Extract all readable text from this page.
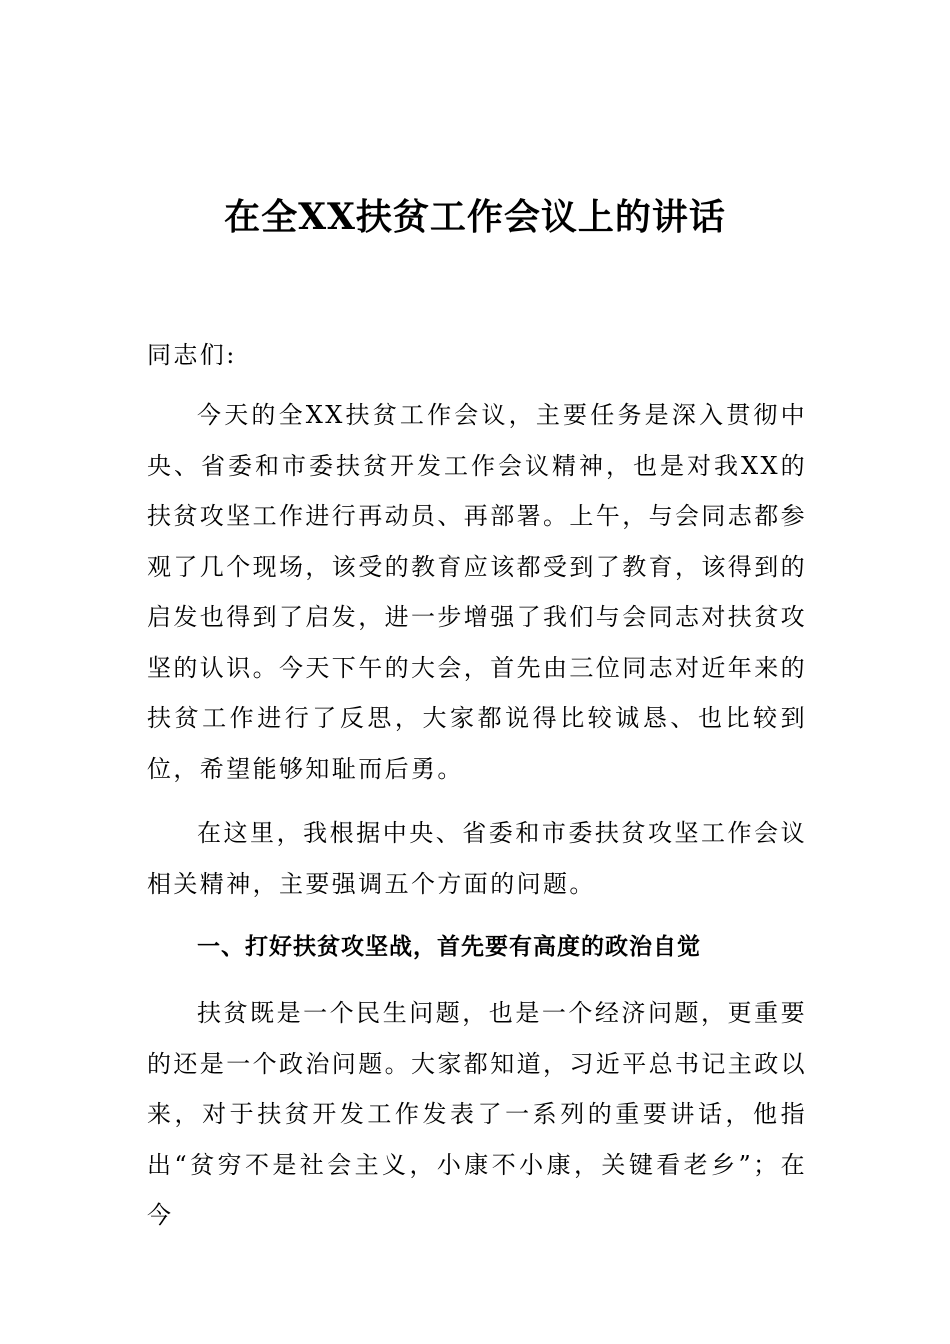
在全XX扶贫工作会议上的讲话
同志们:
今天的全XX扶贫工作会议，主要任务是深入贯彻中央、省委和市委扶贫开发工作会议精神，也是对我XX的扶贫攻坚工作进行再动员、再部署。上午，与会同志都参观了几个现场，该受的教育应该都受到了教育，该得到的启发也得到了启发，进一步增强了我们与会同志对扶贫攻坚的认识。今天下午的大会，首先由三位同志对近年来的扶贫工作进行了反思，大家都说得比较诚恳、也比较到位，希望能够知耻而后勇。
在这里，我根据中央、省委和市委扶贫攻坚工作会议相关精神，主要强调五个方面的问题。
一、打好扶贫攻坚战，首先要有高度的政治自觉
扶贫既是一个民生问题，也是一个经济问题，更重要的还是一个政治问题。大家都知道，习近平总书记主政以来，对于扶贫开发工作发表了一系列的重要讲话，他指出“贫穷不是社会主义，小康不小康，关键看老乡”；在今
